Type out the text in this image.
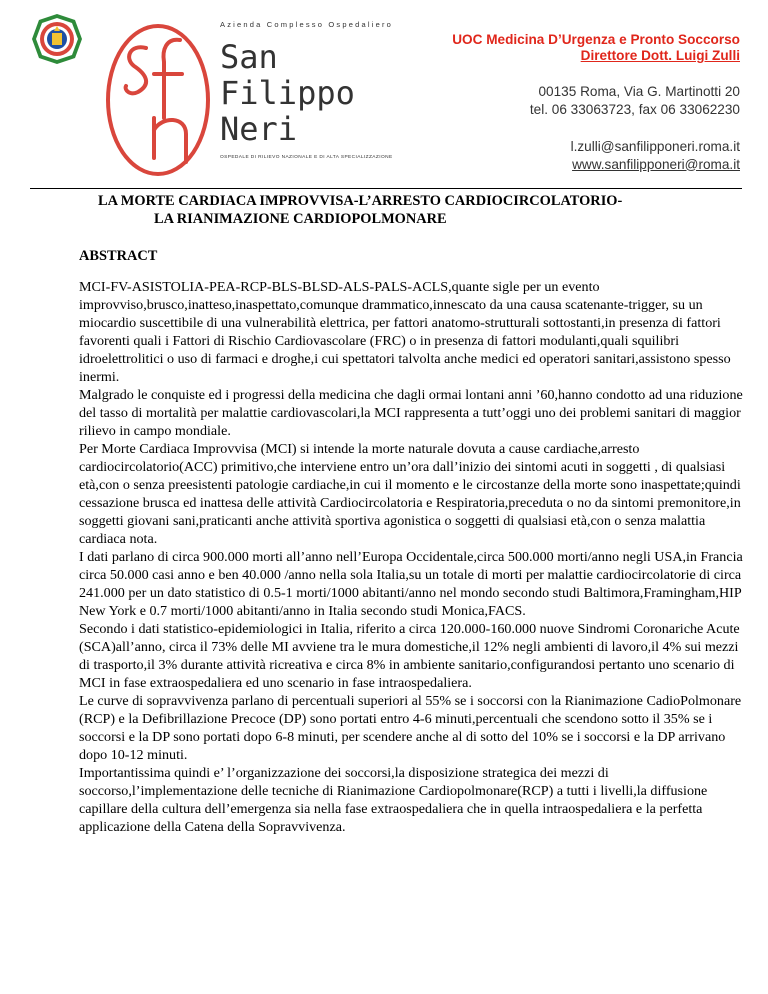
Azienda Complesso Ospedaliero
San
Filippo
Neri
OSPEDALE DI RILIEVO NAZIONALE E DI ALTA SPECIALIZZAZIONE
UOC Medicina D’Urgenza e Pronto Soccorso
Direttore Dott. Luigi Zulli
00135 Roma, Via G. Martinotti 20
tel. 06 33063723, fax 06 33062230
l.zulli@sanfilipponeri.roma.it
www.sanfilipponeri@roma.it
LA MORTE CARDIACA IMPROVVISA-L’ARRESTO CARDIOCIRCOLATORIO-
LA RIANIMAZIONE CARDIOPOLMONARE
ABSTRACT

MCI-FV-ASISTOLIA-PEA-RCP-BLS-BLSD-ALS-PALS-ACLS,quante sigle per un evento improvviso,brusco,inatteso,inaspettato,comunque drammatico,innescato da una causa scatenante-trigger, su un miocardio suscettibile di una vulnerabilità elettrica, per fattori anatomo-strutturali sottostanti,in presenza di fattori favorenti quali i Fattori di Rischio Cardiovascolare (FRC) o in presenza di fattori modulanti,quali squilibri idroelettrolitici o uso di farmaci e droghe,i cui spettatori talvolta anche medici ed operatori sanitari,assistono spesso inermi.

Malgrado le conquiste ed i progressi della medicina che dagli ormai lontani anni ’60,hanno condotto ad una riduzione del tasso di mortalità per malattie cardiovascolari,la MCI rappresenta a tutt’oggi uno dei problemi sanitari di maggior rilievo in campo mondiale.

Per Morte Cardiaca Improvvisa (MCI) si intende la morte naturale dovuta a cause cardiache,arresto cardiocircolatorio(ACC) primitivo,che interviene entro un’ora dall’inizio dei sintomi acuti in soggetti , di qualsiasi età,con o senza preesistenti patologie cardiache,in cui il momento e le circostanze della morte sono inaspettate;quindi cessazione brusca ed inattesa delle attività Cardiocircolatoria e Respiratoria,preceduta o no da sintomi premonitore,in soggetti giovani sani,praticanti anche attività sportiva agonistica o soggetti di qualsiasi età,con o senza malattia cardiaca nota.

I dati parlano di circa 900.000 morti all’anno nell’Europa Occidentale,circa 500.000 morti/anno negli USA,in Francia circa 50.000 casi anno e ben 40.000 /anno nella sola Italia,su un totale di morti per malattie cardiocircolatorie di circa 241.000 per un dato statistico di 0.5-1 morti/1000 abitanti/anno nel mondo secondo studi Baltimora,Framingham,HIP New York e 0.7 morti/1000 abitanti/anno in Italia secondo studi Monica,FACS.

Secondo i dati statistico-epidemiologici in Italia, riferito a circa 120.000-160.000 nuove Sindromi Coronariche Acute (SCA)all’anno, circa il 73% delle MI avviene tra le mura domestiche,il 12% negli ambienti di lavoro,il 4% sui mezzi di trasporto,il 3% durante attività ricreativa e circa 8% in ambiente sanitario,configurandosi pertanto uno scenario di MCI in fase extraospedaliera ed uno scenario in fase intraospedaliera.

Le curve di sopravvivenza parlano di percentuali superiori al 55% se i soccorsi con la Rianimazione CadioPolmonare (RCP) e la Defibrillazione Precoce (DP) sono portati entro 4-6 minuti,percentuali che scendono sotto il 35% se i soccorsi e la DP sono portati dopo 6-8 minuti, per scendere anche al di sotto del 10% se i soccorsi e la DP arrivano dopo 10-12 minuti.

Importantissima quindi e’ l’organizzazione dei soccorsi,la disposizione strategica dei mezzi di soccorso,l’implementazione delle tecniche di Rianimazione Cardiopolmonare(RCP) a tutti i livelli,la diffusione capillare della cultura dell’emergenza sia nella fase extraospedaliera che in quella intraospedaliera e la perfetta applicazione della Catena della Sopravvivenza.
